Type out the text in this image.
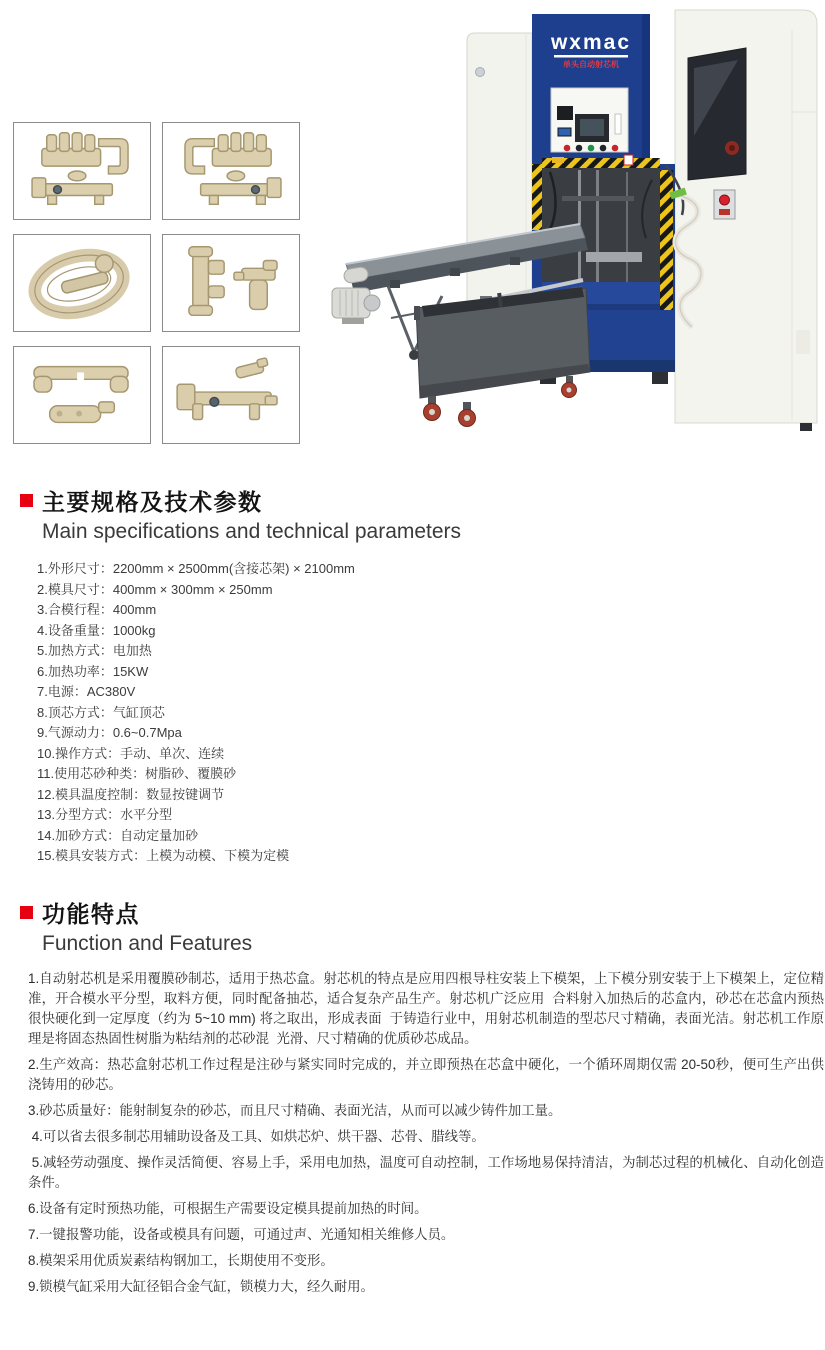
wxmac
单头自动射芯机
主要规格及技术参数
Main specifications and technical parameters
1.外形尺寸：2200mm × 2500mm(含接芯架) × 2100mm
2.模具尺寸：400mm × 300mm × 250mm
3.合模行程：400mm
4.设备重量：1000kg
5.加热方式：电加热
6.加热功率：15KW
7.电源：AC380V
8.顶芯方式：气缸顶芯
9.气源动力：0.6~0.7Mpa
10.操作方式：手动、单次、连续
11.使用芯砂种类：树脂砂、覆膜砂
12.模具温度控制：数显按键调节
13.分型方式：水平分型
14.加砂方式：自动定量加砂
15.模具安装方式：上模为动模、下模为定模
功能特点
Function and Features

1.自动射芯机是采用覆膜砂制芯，适用于热芯盒。射芯机的特点是应用四根导柱安装上下模架，上下模分别安装于上下模架上，定位精准，开合模水平分型，取料方便，同时配备抽芯，适合复杂产品生产。射芯机广泛应用  合料射入加热后的芯盒内，砂芯在芯盒内预热很快硬化到一定厚度（约为 5~10 mm) 将之取出，形成表面  于铸造行业中，用射芯机制造的型芯尺寸精确，表面光洁。射芯机工作原理是将固态热固性树脂为粘结剂的芯砂混  光滑、尺寸精确的优质砂芯成品。

2.生产效高：热芯盒射芯机工作过程是注砂与紧实同时完成的，并立即预热在芯盒中硬化，一个循环周期仅需 20-50秒，便可生产出供浇铸用的砂芯。

3.砂芯质量好：能射制复杂的砂芯，而且尺寸精确、表面光洁，从而可以减少铸件加工量。

4.可以省去很多制芯用辅助设备及工具、如烘芯炉、烘干器、芯骨、腊线等。

5.减轻劳动强度、操作灵活简便、容易上手，采用电加热，温度可自动控制，工作场地易保持清洁，为制芯过程的机械化、自动化创造条件。

6.设备有定时预热功能，可根据生产需要设定模具提前加热的时间。

7.一键报警功能，设备或模具有问题，可通过声、光通知相关维修人员。

8.模架采用优质炭素结构钢加工，长期使用不变形。

9.锁模气缸采用大缸径铝合金气缸，锁模力大，经久耐用。
